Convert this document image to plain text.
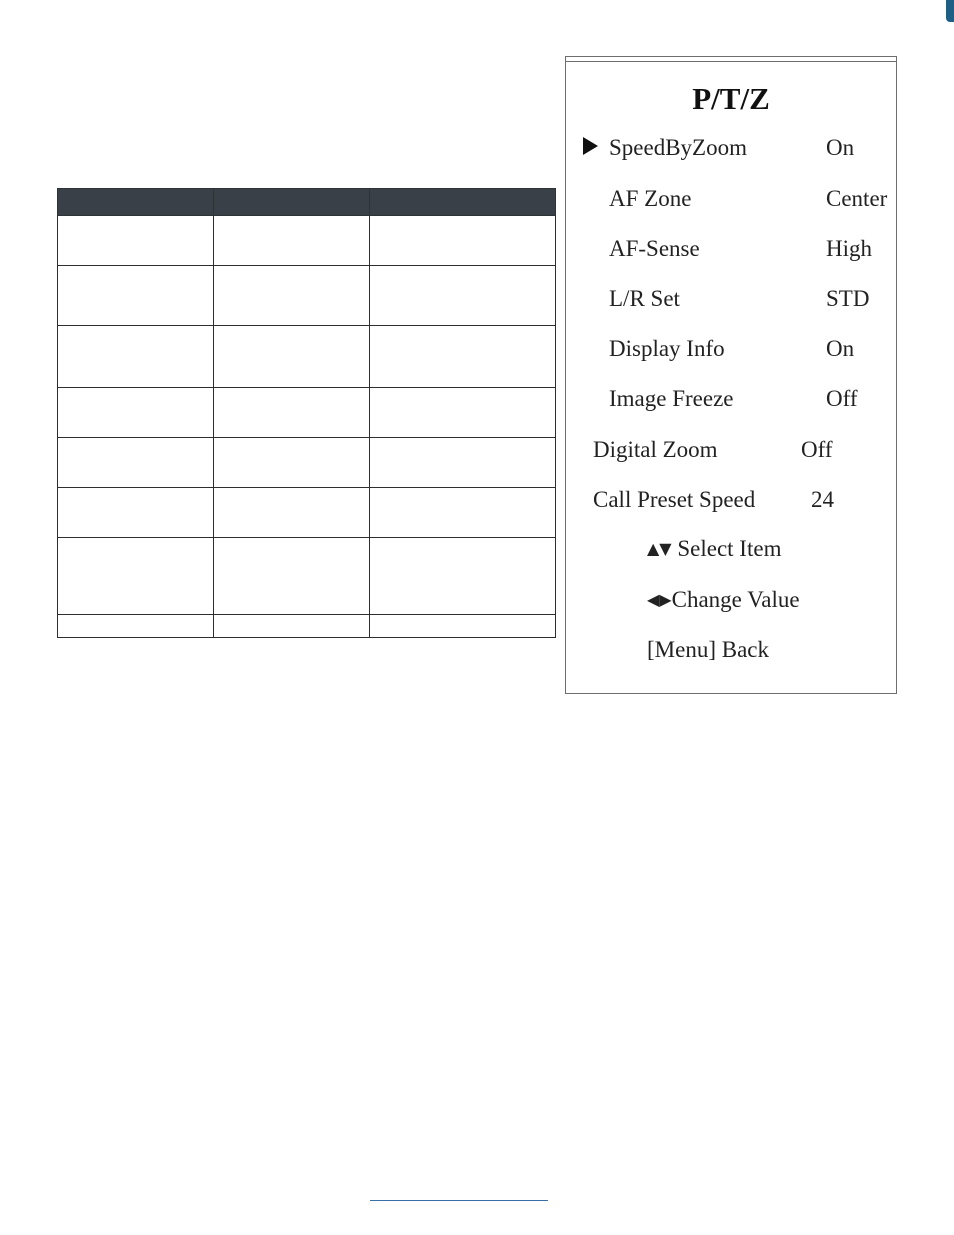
P/T/Z
SpeedByZoom	On
AF Zone	Center
AF-Sense	High
L/R Set	STD
Display Info	On
Image Freeze	Off
Digital Zoom	Off
Call Preset Speed 24
▲▼ Select Item
◀▶Change Value
[Menu] Back
